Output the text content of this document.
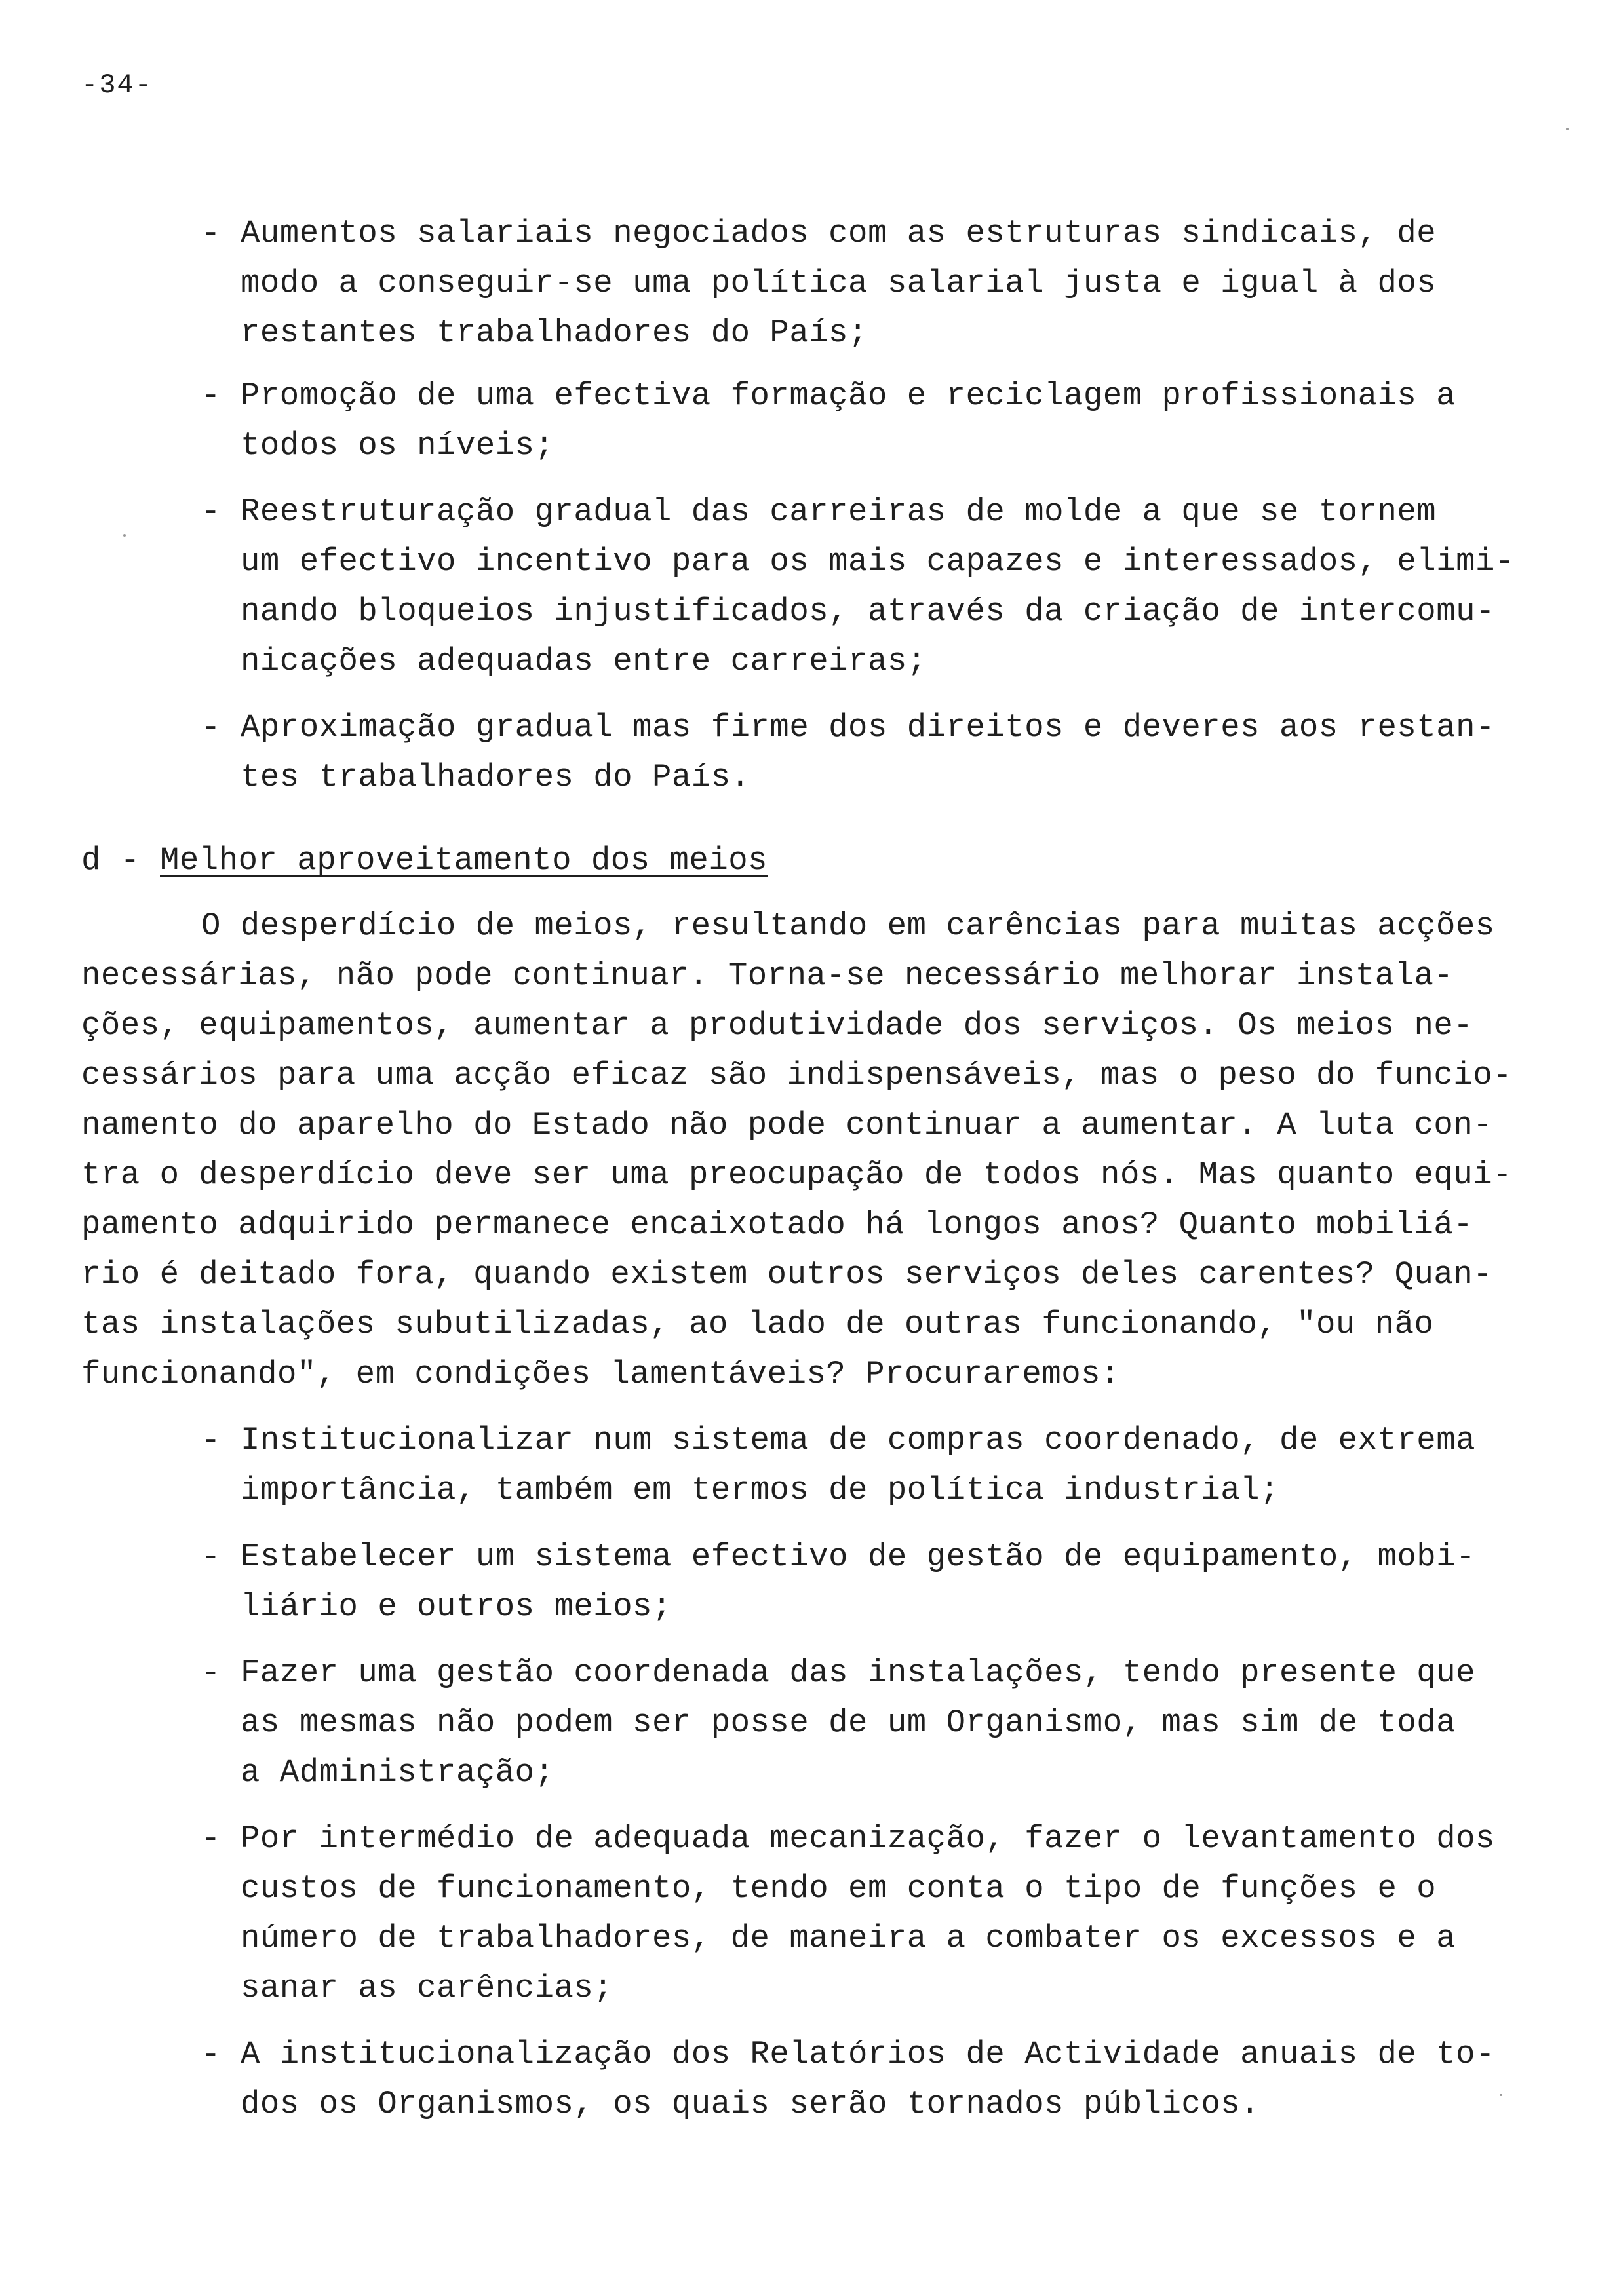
-34-
- Aumentos salariais negociados com as estruturas sindicais, de
modo a conseguir-se uma política salarial justa e igual à dos
restantes trabalhadores do País;
- Promoção de uma efectiva formação e reciclagem profissionais a
todos os níveis;
- Reestruturação gradual das carreiras de molde a que se tornem
um efectivo incentivo para os mais capazes e interessados, elimi-
nando bloqueios injustificados, através da criação de intercomu-
nicações adequadas entre carreiras;
- Aproximação gradual mas firme dos direitos e deveres aos restan-
tes trabalhadores do País.
d - Melhor aproveitamento dos meios
O desperdício de meios, resultando em carências para muitas acções
necessárias, não pode continuar. Torna-se necessário melhorar instala-
ções, equipamentos, aumentar a produtividade dos serviços. Os meios ne-
cessários para uma acção eficaz são indispensáveis, mas o peso do funcio-
namento do aparelho do Estado não pode continuar a aumentar. A luta con-
tra o desperdício deve ser uma preocupação de todos nós. Mas quanto equi-
pamento adquirido permanece encaixotado há longos anos? Quanto mobiliá-
rio é deitado fora, quando existem outros serviços deles carentes? Quan-
tas instalações subutilizadas, ao lado de outras funcionando, "ou não
funcionando", em condições lamentáveis? Procuraremos:
- Institucionalizar num sistema de compras coordenado, de extrema
importância, também em termos de política industrial;
- Estabelecer um sistema efectivo de gestão de equipamento, mobi-
liário e outros meios;
- Fazer uma gestão coordenada das instalações, tendo presente que
as mesmas não podem ser posse de um Organismo, mas sim de toda
a Administração;
- Por intermédio de adequada mecanização, fazer o levantamento dos
custos de funcionamento, tendo em conta o tipo de funções e o
número de trabalhadores, de maneira a combater os excessos e a
sanar as carências;
- A institucionalização dos Relatórios de Actividade anuais de to-
dos os Organismos, os quais serão tornados públicos.
